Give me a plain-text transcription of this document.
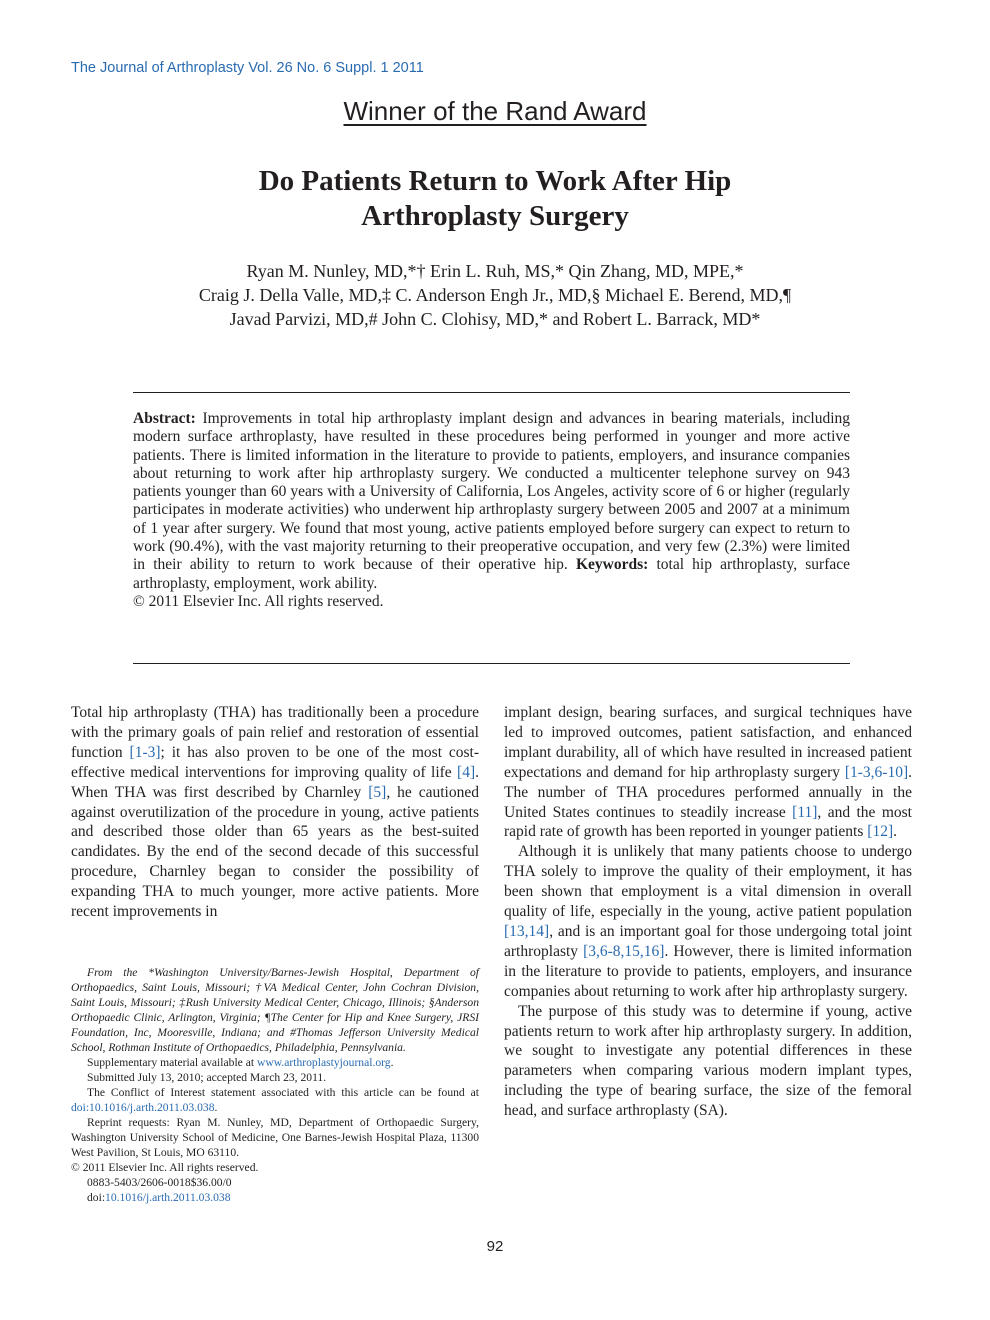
The Journal of Arthroplasty Vol. 26 No. 6 Suppl. 1 2011
Winner of the Rand Award
Do Patients Return to Work After Hip
Arthroplasty Surgery
Ryan M. Nunley, MD,*† Erin L. Ruh, MS,* Qin Zhang, MD, MPE,*
Craig J. Della Valle, MD,‡ C. Anderson Engh Jr., MD,§ Michael E. Berend, MD,¶
Javad Parvizi, MD,# John C. Clohisy, MD,* and Robert L. Barrack, MD*
Abstract: Improvements in total hip arthroplasty implant design and advances in bearing materials, including modern surface arthroplasty, have resulted in these procedures being performed in younger and more active patients. There is limited information in the literature to provide to patients, employers, and insurance companies about returning to work after hip arthroplasty surgery. We conducted a multicenter telephone survey on 943 patients younger than 60 years with a University of California, Los Angeles, activity score of 6 or higher (regularly participates in moderate activities) who underwent hip arthroplasty surgery between 2005 and 2007 at a minimum of 1 year after surgery. We found that most young, active patients employed before surgery can expect to return to work (90.4%), with the vast majority returning to their preoperative occupation, and very few (2.3%) were limited in their ability to return to work because of their operative hip. Keywords: total hip arthroplasty, surface arthroplasty, employment, work ability.
© 2011 Elsevier Inc. All rights reserved.

Total hip arthroplasty (THA) has traditionally been a procedure with the primary goals of pain relief and restoration of essential function [1-3]; it has also proven to be one of the most cost-effective medical interventions for improving quality of life [4]. When THA was first described by Charnley [5], he cautioned against overutilization of the procedure in young, active patients and described those older than 65 years as the best-suited candidates. By the end of the second decade of this successful procedure, Charnley began to consider the possibility of expanding THA to much younger, more active patients. More recent improvements in

implant design, bearing surfaces, and surgical techniques have led to improved outcomes, patient satisfaction, and enhanced implant durability, all of which have resulted in increased patient expectations and demand for hip arthroplasty surgery [1-3,6-10]. The number of THA procedures performed annually in the United States continues to steadily increase [11], and the most rapid rate of growth has been reported in younger patients [12].

Although it is unlikely that many patients choose to undergo THA solely to improve the quality of their employment, it has been shown that employment is a vital dimension in overall quality of life, especially in the young, active patient population [13,14], and is an important goal for those undergoing total joint arthroplasty [3,6-8,15,16]. However, there is limited information in the literature to provide to patients, employers, and insurance companies about returning to work after hip arthroplasty surgery.

The purpose of this study was to determine if young, active patients return to work after hip arthroplasty surgery. In addition, we sought to investigate any potential differences in these parameters when comparing various modern implant types, including the type of bearing surface, the size of the femoral head, and surface arthroplasty (SA).

From the *Washington University/Barnes-Jewish Hospital, Department of Orthopaedics, Saint Louis, Missouri; †VA Medical Center, John Cochran Division, Saint Louis, Missouri; ‡Rush University Medical Center, Chicago, Illinois; §Anderson Orthopaedic Clinic, Arlington, Virginia; ¶The Center for Hip and Knee Surgery, JRSI Foundation, Inc, Mooresville, Indiana; and #Thomas Jefferson University Medical School, Rothman Institute of Orthopaedics, Philadelphia, Pennsylvania.

Supplementary material available at www.arthroplastyjournal.org.

Submitted July 13, 2010; accepted March 23, 2011.

The Conflict of Interest statement associated with this article can be found at doi:10.1016/j.arth.2011.03.038.

Reprint requests: Ryan M. Nunley, MD, Department of Orthopaedic Surgery, Washington University School of Medicine, One Barnes-Jewish Hospital Plaza, 11300 West Pavilion, St Louis, MO 63110.

© 2011 Elsevier Inc. All rights reserved.

0883-5403/2606-0018$36.00/0

doi:10.1016/j.arth.2011.03.038

92
